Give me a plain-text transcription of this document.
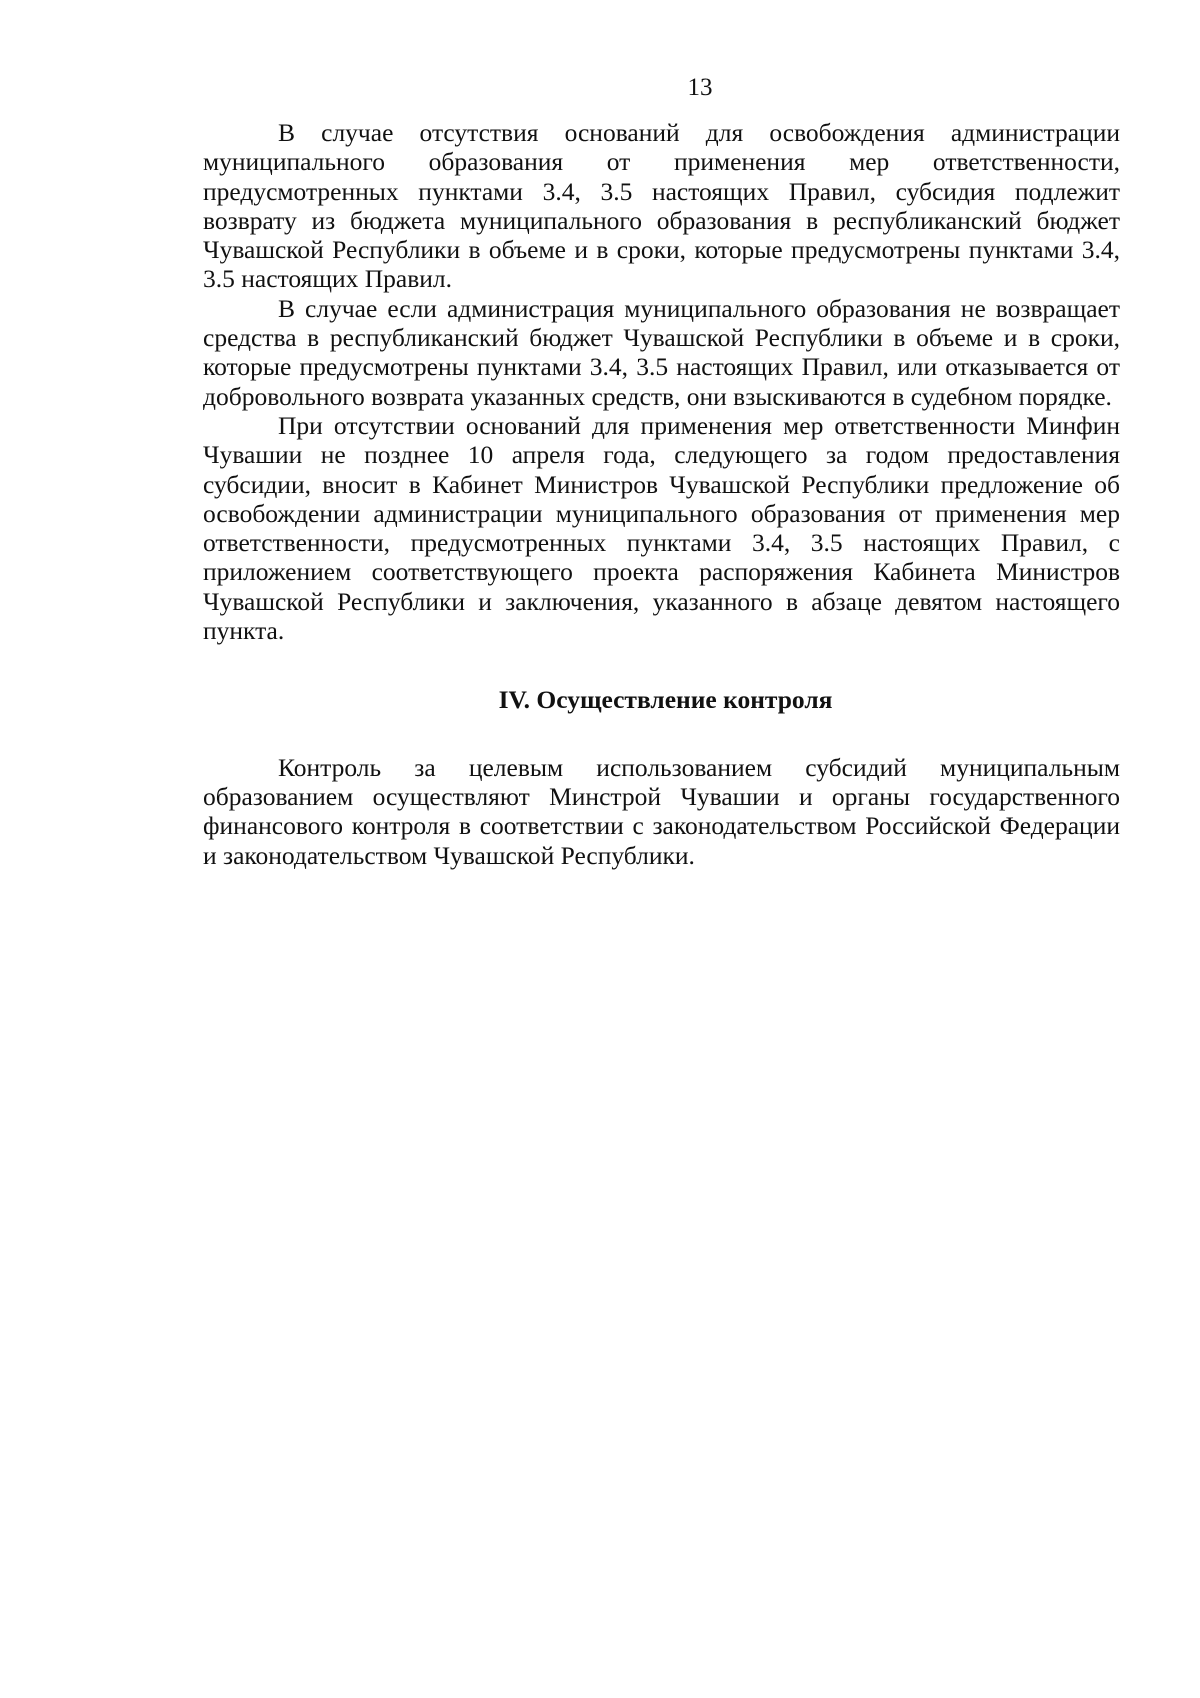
13

В случае отсутствия оснований для освобождения администрации муниципального образования от применения мер ответственности, предусмотренных пунктами 3.4, 3.5 настоящих Правил, субсидия подлежит возврату из бюджета муниципального образования в республиканский бюджет Чувашской Республики в объеме и в сроки, которые предусмотрены пунктами 3.4, 3.5 настоящих Правил.

В случае если администрация муниципального образования не возвращает средства в республиканский бюджет Чувашской Республики в объеме и в сроки, которые предусмотрены пунктами 3.4, 3.5 настоящих Правил, или отказывается от добровольного возврата указанных средств, они взыскиваются в судебном порядке.

При отсутствии оснований для применения мер ответственности Минфин Чувашии не позднее 10 апреля года, следующего за годом предоставления субсидии, вносит в Кабинет Министров Чувашской Республики предложение об освобождении администрации муниципального образования от применения мер ответственности, предусмотренных пунктами 3.4, 3.5 настоящих Правил, с приложением соответствующего проекта распоряжения Кабинета Министров Чувашской Республики и заключения, указанного в абзаце девятом настоящего пункта.

IV. Осуществление контроля

Контроль за целевым использованием субсидий муниципальным образованием осуществляют Минстрой Чувашии и органы государственного финансового контроля в соответствии с законодательством Российской Федерации и законодательством Чувашской Республики.
